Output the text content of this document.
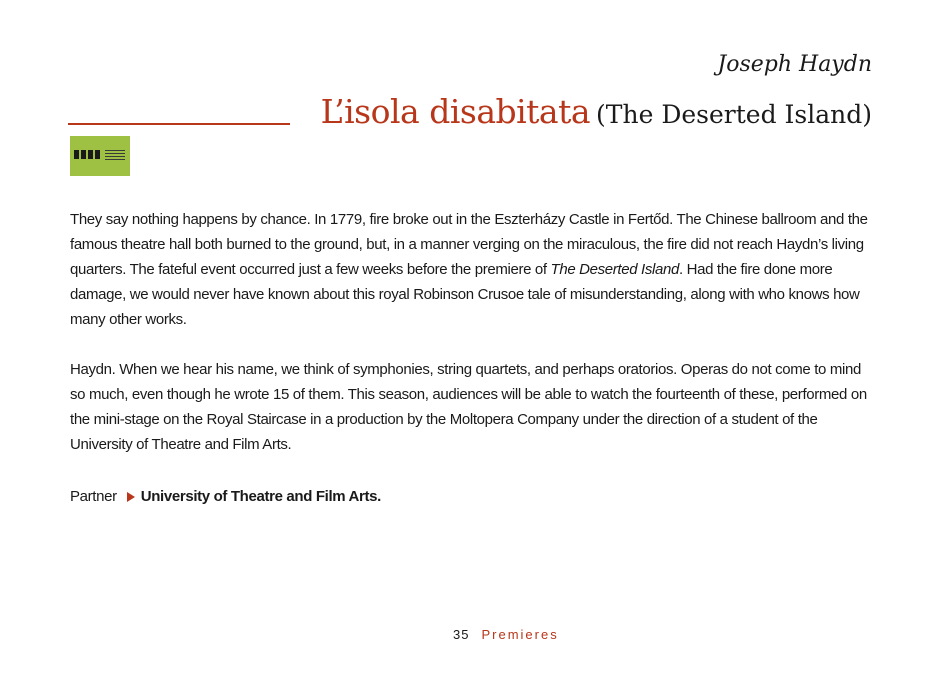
Joseph Haydn
L’isola disabitata (The Deserted Island)

They say nothing happens by chance. In 1779, fire broke out in the Eszterházy Castle in Fertőd. The Chinese ballroom and the famous theatre hall both burned to the ground, but, in a manner verging on the miraculous, the fire did not reach Haydn’s living quarters. The fateful event occurred just a few weeks before the premiere of The Deserted Island. Had the fire done more damage, we would never have known about this royal Robinson Crusoe tale of misunderstanding, along with who knows how many other works.

Haydn. When we hear his name, we think of symphonies, string quartets, and perhaps oratorios. Operas do not come to mind so much, even though he wrote 15 of them. This season, audiences will be able to watch the fourteenth of these, performed on the mini-stage on the Royal Staircase in a production by the Moltopera Company under the direction of a student of the University of Theatre and Film Arts.

Partner University of Theatre and Film Arts.
35 Premieres
